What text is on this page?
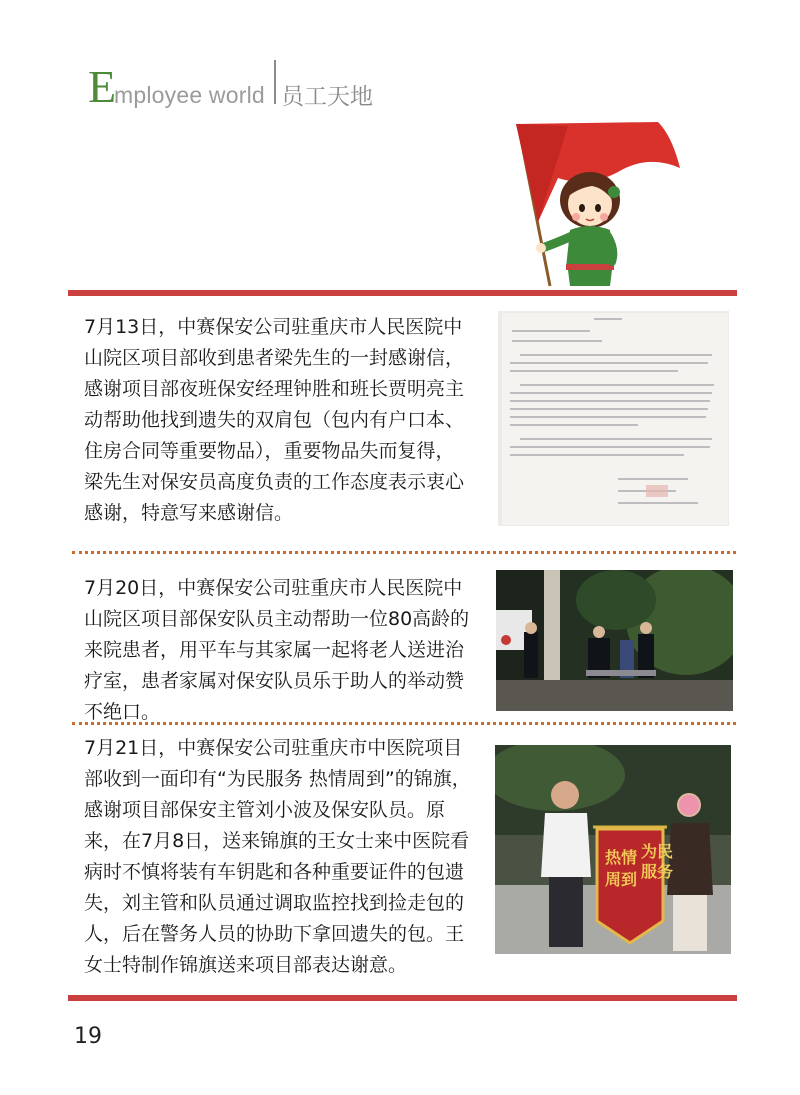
E
mployee world 员工天地

7月13日，中赛保安公司驻重庆市人民医院中山院区项目部收到患者梁先生的一封感谢信，感谢项目部夜班保安经理钟胜和班长贾明亮主动帮助他找到遗失的双肩包（包内有户口本、住房合同等重要物品），重要物品失而复得，梁先生对保安员高度负责的工作态度表示衷心感谢，特意写来感谢信。

7月20日，中赛保安公司驻重庆市人民医院中山院区项目部保安队员主动帮助一位80高龄的来院患者，用平车与其家属一起将老人送进治疗室，患者家属对保安队员乐于助人的举动赞不绝口。

7月21日，中赛保安公司驻重庆市中医院项目部收到一面印有“为民服务 热情周到”的锦旗，感谢项目部保安主管刘小波及保安队员。原来，在7月8日，送来锦旗的王女士来中医院看病时不慎将装有车钥匙和各种重要证件的包遗失，刘主管和队员通过调取监控找到捡走包的人，后在警务人员的协助下拿回遗失的包。王女士特制作锦旗送来项目部表达谢意。

为民
服务
热情
周到
19
